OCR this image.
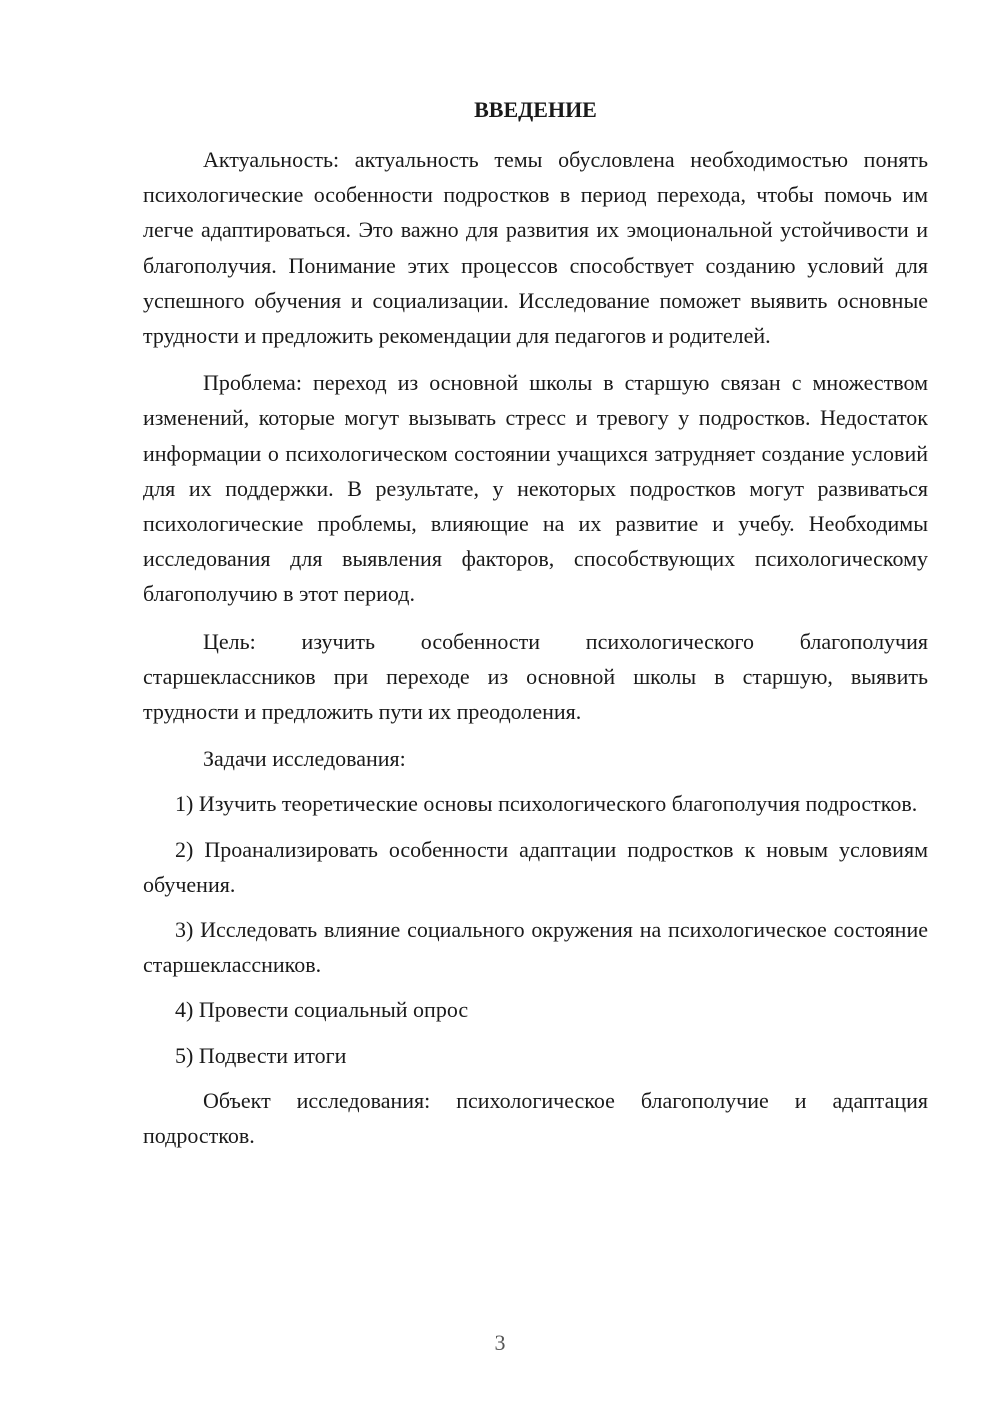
ВВЕДЕНИЕ

Актуальность: актуальность темы обусловлена необходимостью понять психологические особенности подростков в период перехода, чтобы помочь им легче адаптироваться. Это важно для развития их эмоциональной устойчивости и благополучия. Понимание этих процессов способствует созданию условий для успешного обучения и социализации. Исследование поможет выявить основные трудности и предложить рекомендации для педагогов и родителей.

Проблема: переход из основной школы в старшую связан с множеством изменений, которые могут вызывать стресс и тревогу у подростков. Недостаток информации о психологическом состоянии учащихся затрудняет создание условий для их поддержки. В результате, у некоторых подростков могут развиваться психологические проблемы, влияющие на их развитие и учебу. Необходимы исследования для выявления факторов, способствующих психологическому благополучию в этот период.

Цель: изучить особенности психологического благополучия старшеклассников при переходе из основной школы в старшую, выявить трудности и предложить пути их преодоления.

Задачи исследования:

1) Изучить теоретические основы психологического благополучия подростков.

2) Проанализировать особенности адаптации подростков к новым условиям обучения.

3) Исследовать влияние социального окружения на психологическое состояние старшеклассников.

4) Провести социальный опрос

5) Подвести итоги

Объект исследования: психологическое благополучие и адаптация подростков.

3
